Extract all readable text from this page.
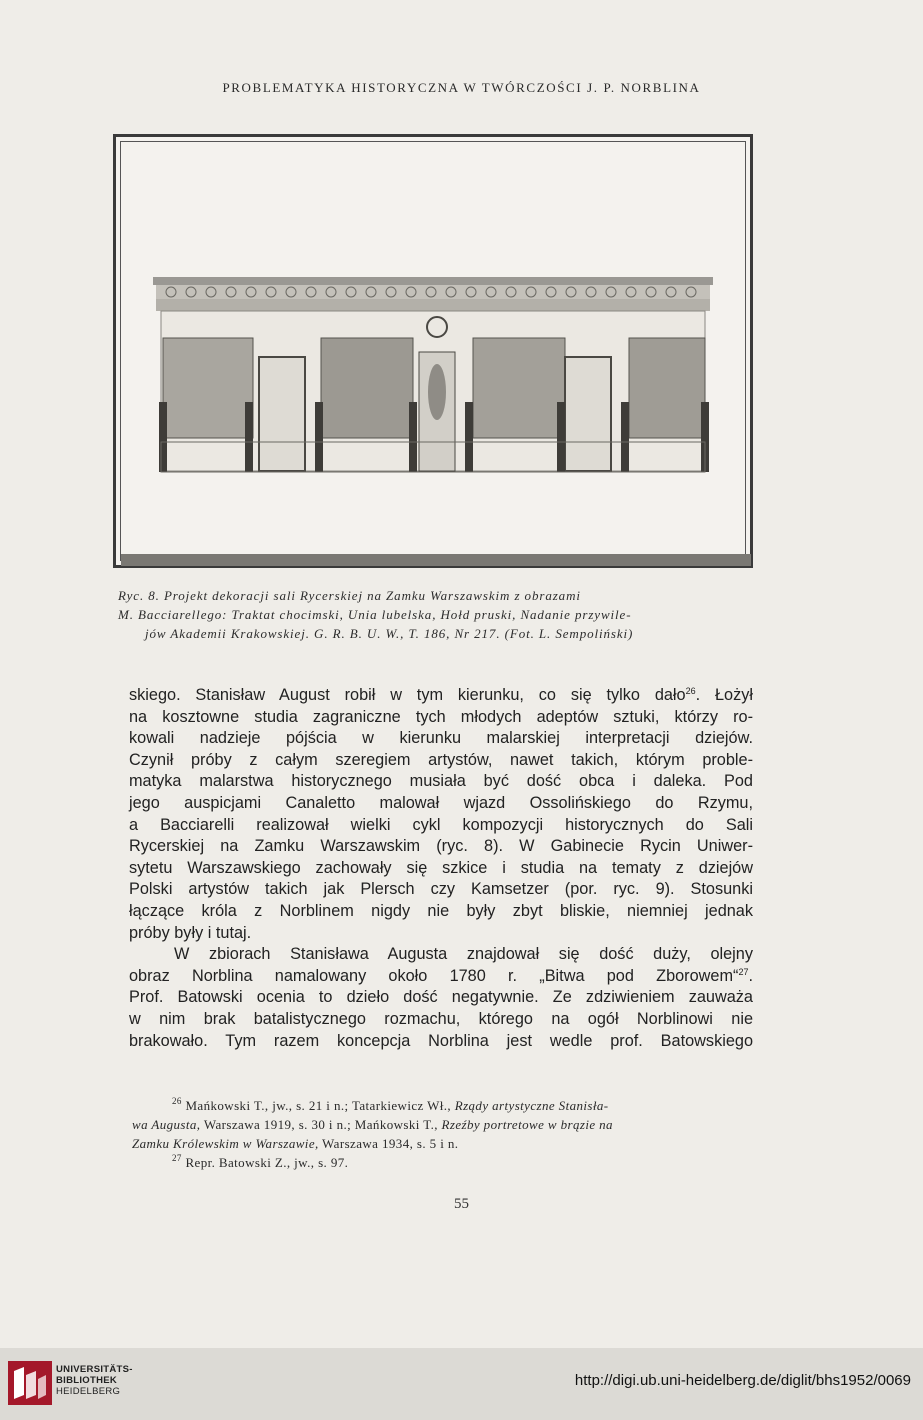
PROBLEMATYKA HISTORYCZNA W TWÓRCZOŚCI J. P. NORBLINA
Ryc. 8. Projekt dekoracji sali Rycerskiej na Zamku Warszawskim z obrazami
M. Bacciarellego: Traktat chocimski, Unia lubelska, Hołd pruski, Nadanie przywile-
jów Akademii Krakowskiej. G. R. B. U. W., T. 186, Nr 217. (Fot. L. Sempoliński)
skiego. Stanisław August robił w tym kierunku, co się tylko dało$^{26}$. Łożył
na kosztowne studia zagraniczne tych młodych adeptów sztuki, którzy ro-
kowali nadzieje pójścia w kierunku malarskiej interpretacji dziejów.
Czynił próby z całym szeregiem artystów, nawet takich, którym proble-
matyka malarstwa historycznego musiała być dość obca i daleka. Pod
jego auspicjami Canaletto malował wjazd Ossolińskiego do Rzymu,
a Bacciarelli realizował wielki cykl kompozycji historycznych do Sali
Rycerskiej na Zamku Warszawskim (ryc. 8). W Gabinecie Rycin Uniwer-
sytetu Warszawskiego zachowały się szkice i studia na tematy z dziejów
Polski artystów takich jak Plersch czy Kamsetzer (por. ryc. 9). Stosunki
łączące króla z Norblinem nigdy nie były zbyt bliskie, niemniej jednak
próby były i tutaj.
W zbiorach Stanisława Augusta znajdował się dość duży, olejny
obraz Norblina namalowany około 1780 r. „Bitwa pod Zborowem“$^{27}$.
Prof. Batowski ocenia to dzieło dość negatywnie. Ze zdziwieniem zauważa
w nim brak batalistycznego rozmachu, którego na ogół Norblinowi nie
brakowało. Tym razem koncepcja Norblina jest wedle prof. Batowskiego
$^{26}$ Mańkowski T., jw., s. 21 i n.; Tatarkiewicz Wł., Rządy artystyczne Stanisła-
wa Augusta, Warszawa 1919, s. 30 i n.; Mańkowski T., Rzeźby portretowe w brązie na
Zamku Królewskim w Warszawie, Warszawa 1934, s. 5 i n.
$^{27}$ Repr. Batowski Z., jw., s. 97.
55
UNIVERSITÄTS-
BIBLIOTHEK
HEIDELBERG
http://digi.ub.uni-heidelberg.de/diglit/bhs1952/0069
